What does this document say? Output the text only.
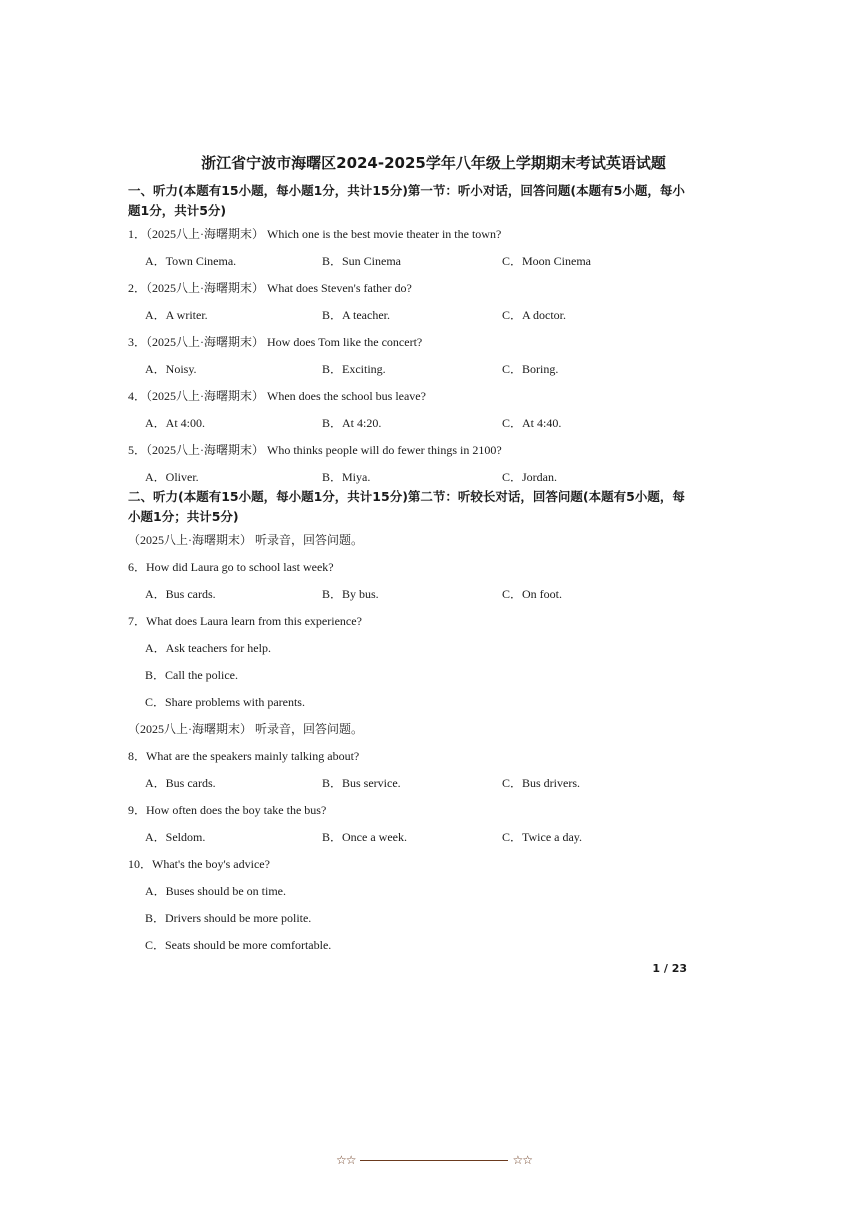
浙江省宁波市海曙区2024-2025学年八年级上学期期末考试英语试题
一、听力(本题有15小题，每小题1分，共计15分)第一节：听小对话，回答问题(本题有5小题，每小题1分，共计5分)
1．（2025八上·海曙期末） Which one is the best movie theater in the town?
A．Town Cinema.	B．Sun Cinema	C．Moon Cinema
2．（2025八上·海曙期末） What does Steven's father do?
A．A writer.	B．A teacher.	C．A doctor.
3．（2025八上·海曙期末） How does Tom like the concert?
A．Noisy.	B．Exciting.	C．Boring.
4．（2025八上·海曙期末） When does the school bus leave?
A．At 4:00.	B．At 4:20.	C．At 4:40.
5．（2025八上·海曙期末） Who thinks people will do fewer things in 2100?
A．Oliver.	B．Miya.	C．Jordan.
二、听力(本题有15小题，每小题1分，共计15分)第二节：听较长对话，回答问题(本题有5小题，每小题1分；共计5分)
（2025八上·海曙期末） 听录音，回答问题。
6．How did Laura go to school last week?
A．Bus cards.	B．By bus.	C．On foot.
7．What does Laura learn from this experience?
A．Ask teachers for help.
B．Call the police.
C．Share problems with parents.
（2025八上·海曙期末） 听录音，回答问题。
8．What are the speakers mainly talking about?
A．Bus cards.	B．Bus service.	C．Bus drivers.
9．How often does the boy take the bus?
A．Seldom.	B．Once a week.	C．Twice a day.
10．What's the boy's advice?
A．Buses should be on time.
B．Drivers should be more polite.
C．Seats should be more comfortable.
1 / 23
☆☆	☆☆
